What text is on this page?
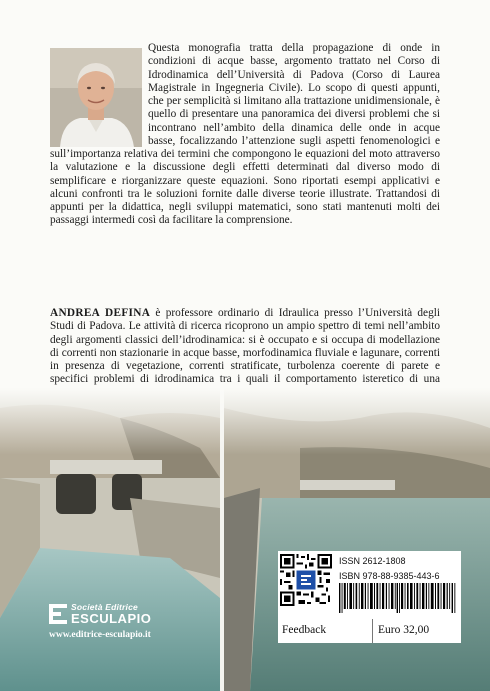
Questa monografia tratta della propagazione di onde in condizioni di acque basse, argomento trattato nel Corso di Idrodinamica dell’Università di Padova (Corso di Laurea Magistrale in Ingegneria Civile). Lo scopo di questi appunti, che per semplicità si limitano alla trattazione unidimensionale, è quello di presentare una panoramica dei diversi problemi che si incontrano nell’ambito della dinamica delle onde in acque basse, focalizzando l’attenzione sugli aspetti fenomenologici e sull’importanza relativa dei termini che compongono le equazioni del moto attraverso la valutazione e la discussione degli effetti determinati dal diverso modo di semplificare e riorganizzare queste equazioni. Sono riportati esempi applicativi e alcuni confronti tra le soluzioni fornite dalle diverse teorie illustrate. Trattandosi di appunti per la didattica, negli sviluppi matematici, sono stati mantenuti molti dei passaggi intermedi così da facilitare la comprensione.

ANDREA DEFINA è professore ordinario di Idraulica presso l’Università degli Studi di Padova. Le attività di ricerca ricoprono un ampio spettro di temi nell’ambito degli argomenti classici dell’idrodinamica: si è occupato e si occupa di modellazione di correnti non stazionarie in acque basse, morfodinamica fluviale e lagunare, correnti in presenza di vegetazione, correnti stratificate, turbolenza coerente di parete e specifici problemi di idrodinamica tra i quali il comportamento isteretico di una

Società Editrice
ESCULAPIO
www.editrice-esculapio.it
ISSN 2612-1808
ISBN 978-88-9385-443-6
Feedback	Euro 32,00
